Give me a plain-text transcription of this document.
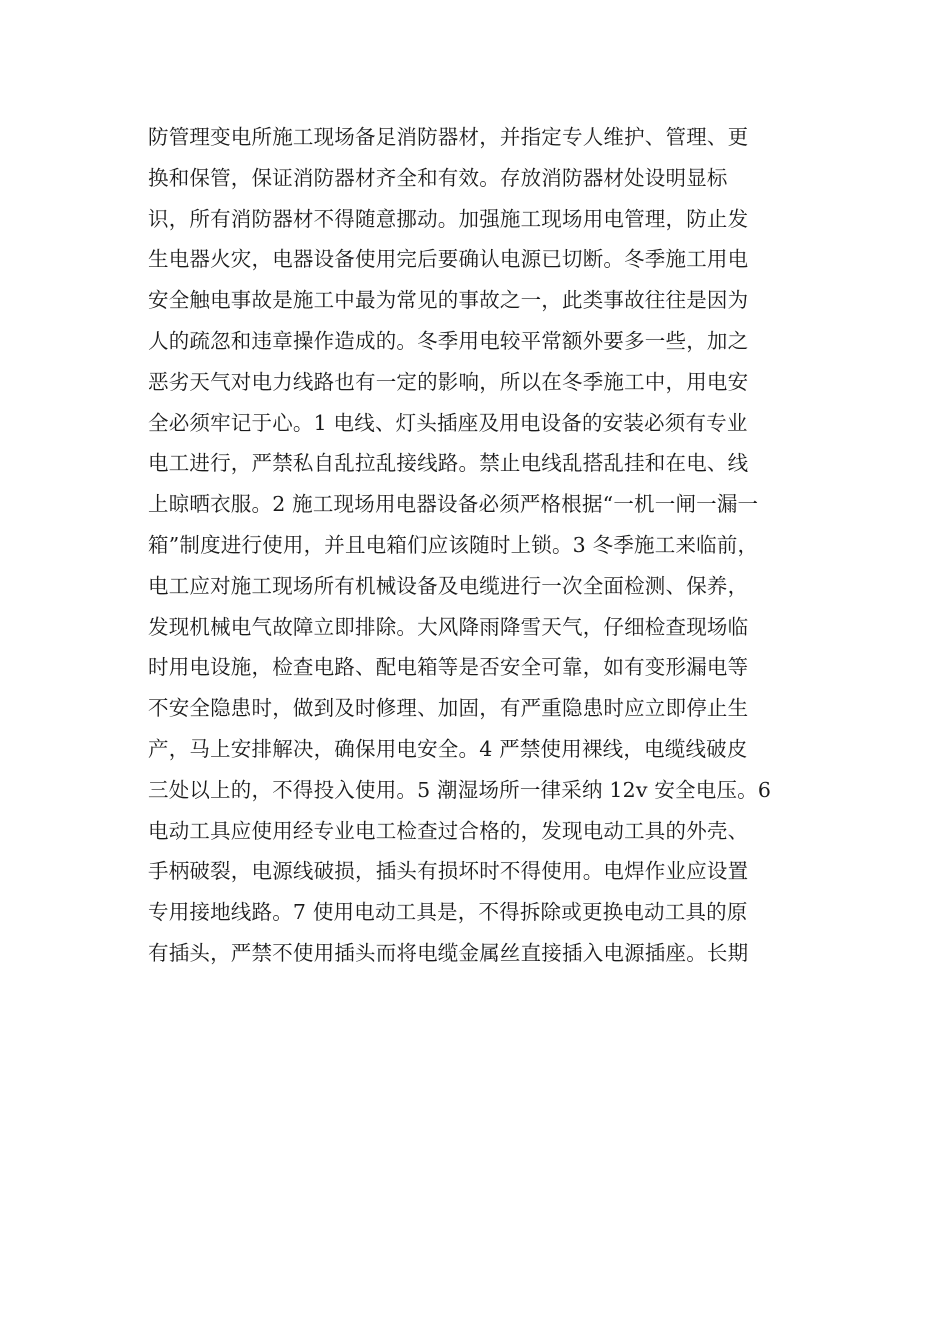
防管理变电所施工现场备足消防器材，并指定专人维护、管理、更
换和保管，保证消防器材齐全和有效。存放消防器材处设明显标
识，所有消防器材不得随意挪动。加强施工现场用电管理，防止发
生电器火灾，电器设备使用完后要确认电源已切断。冬季施工用电
安全触电事故是施工中最为常见的事故之一，此类事故往往是因为
人的疏忽和违章操作造成的。冬季用电较平常额外要多一些，加之
恶劣天气对电力线路也有一定的影响，所以在冬季施工中，用电安
全必须牢记于心。1 电线、灯头插座及用电设备的安装必须有专业
电工进行，严禁私自乱拉乱接线路。禁止电线乱搭乱挂和在电、线
上晾晒衣服。2 施工现场用电器设备必须严格根据“一机一闸一漏一
箱”制度进行使用，并且电箱们应该随时上锁。3 冬季施工来临前，
电工应对施工现场所有机械设备及电缆进行一次全面检测、保养，
发现机械电气故障立即排除。大风降雨降雪天气，仔细检查现场临
时用电设施，检查电路、配电箱等是否安全可靠，如有变形漏电等
不安全隐患时，做到及时修理、加固，有严重隐患时应立即停止生
产，马上安排解决，确保用电安全。4 严禁使用裸线，电缆线破皮
三处以上的，不得投入使用。5 潮湿场所一律采纳 12v 安全电压。6
电动工具应使用经专业电工检查过合格的，发现电动工具的外壳、
手柄破裂，电源线破损，插头有损坏时不得使用。电焊作业应设置
专用接地线路。7 使用电动工具是，不得拆除或更换电动工具的原
有插头，严禁不使用插头而将电缆金属丝直接插入电源插座。长期
